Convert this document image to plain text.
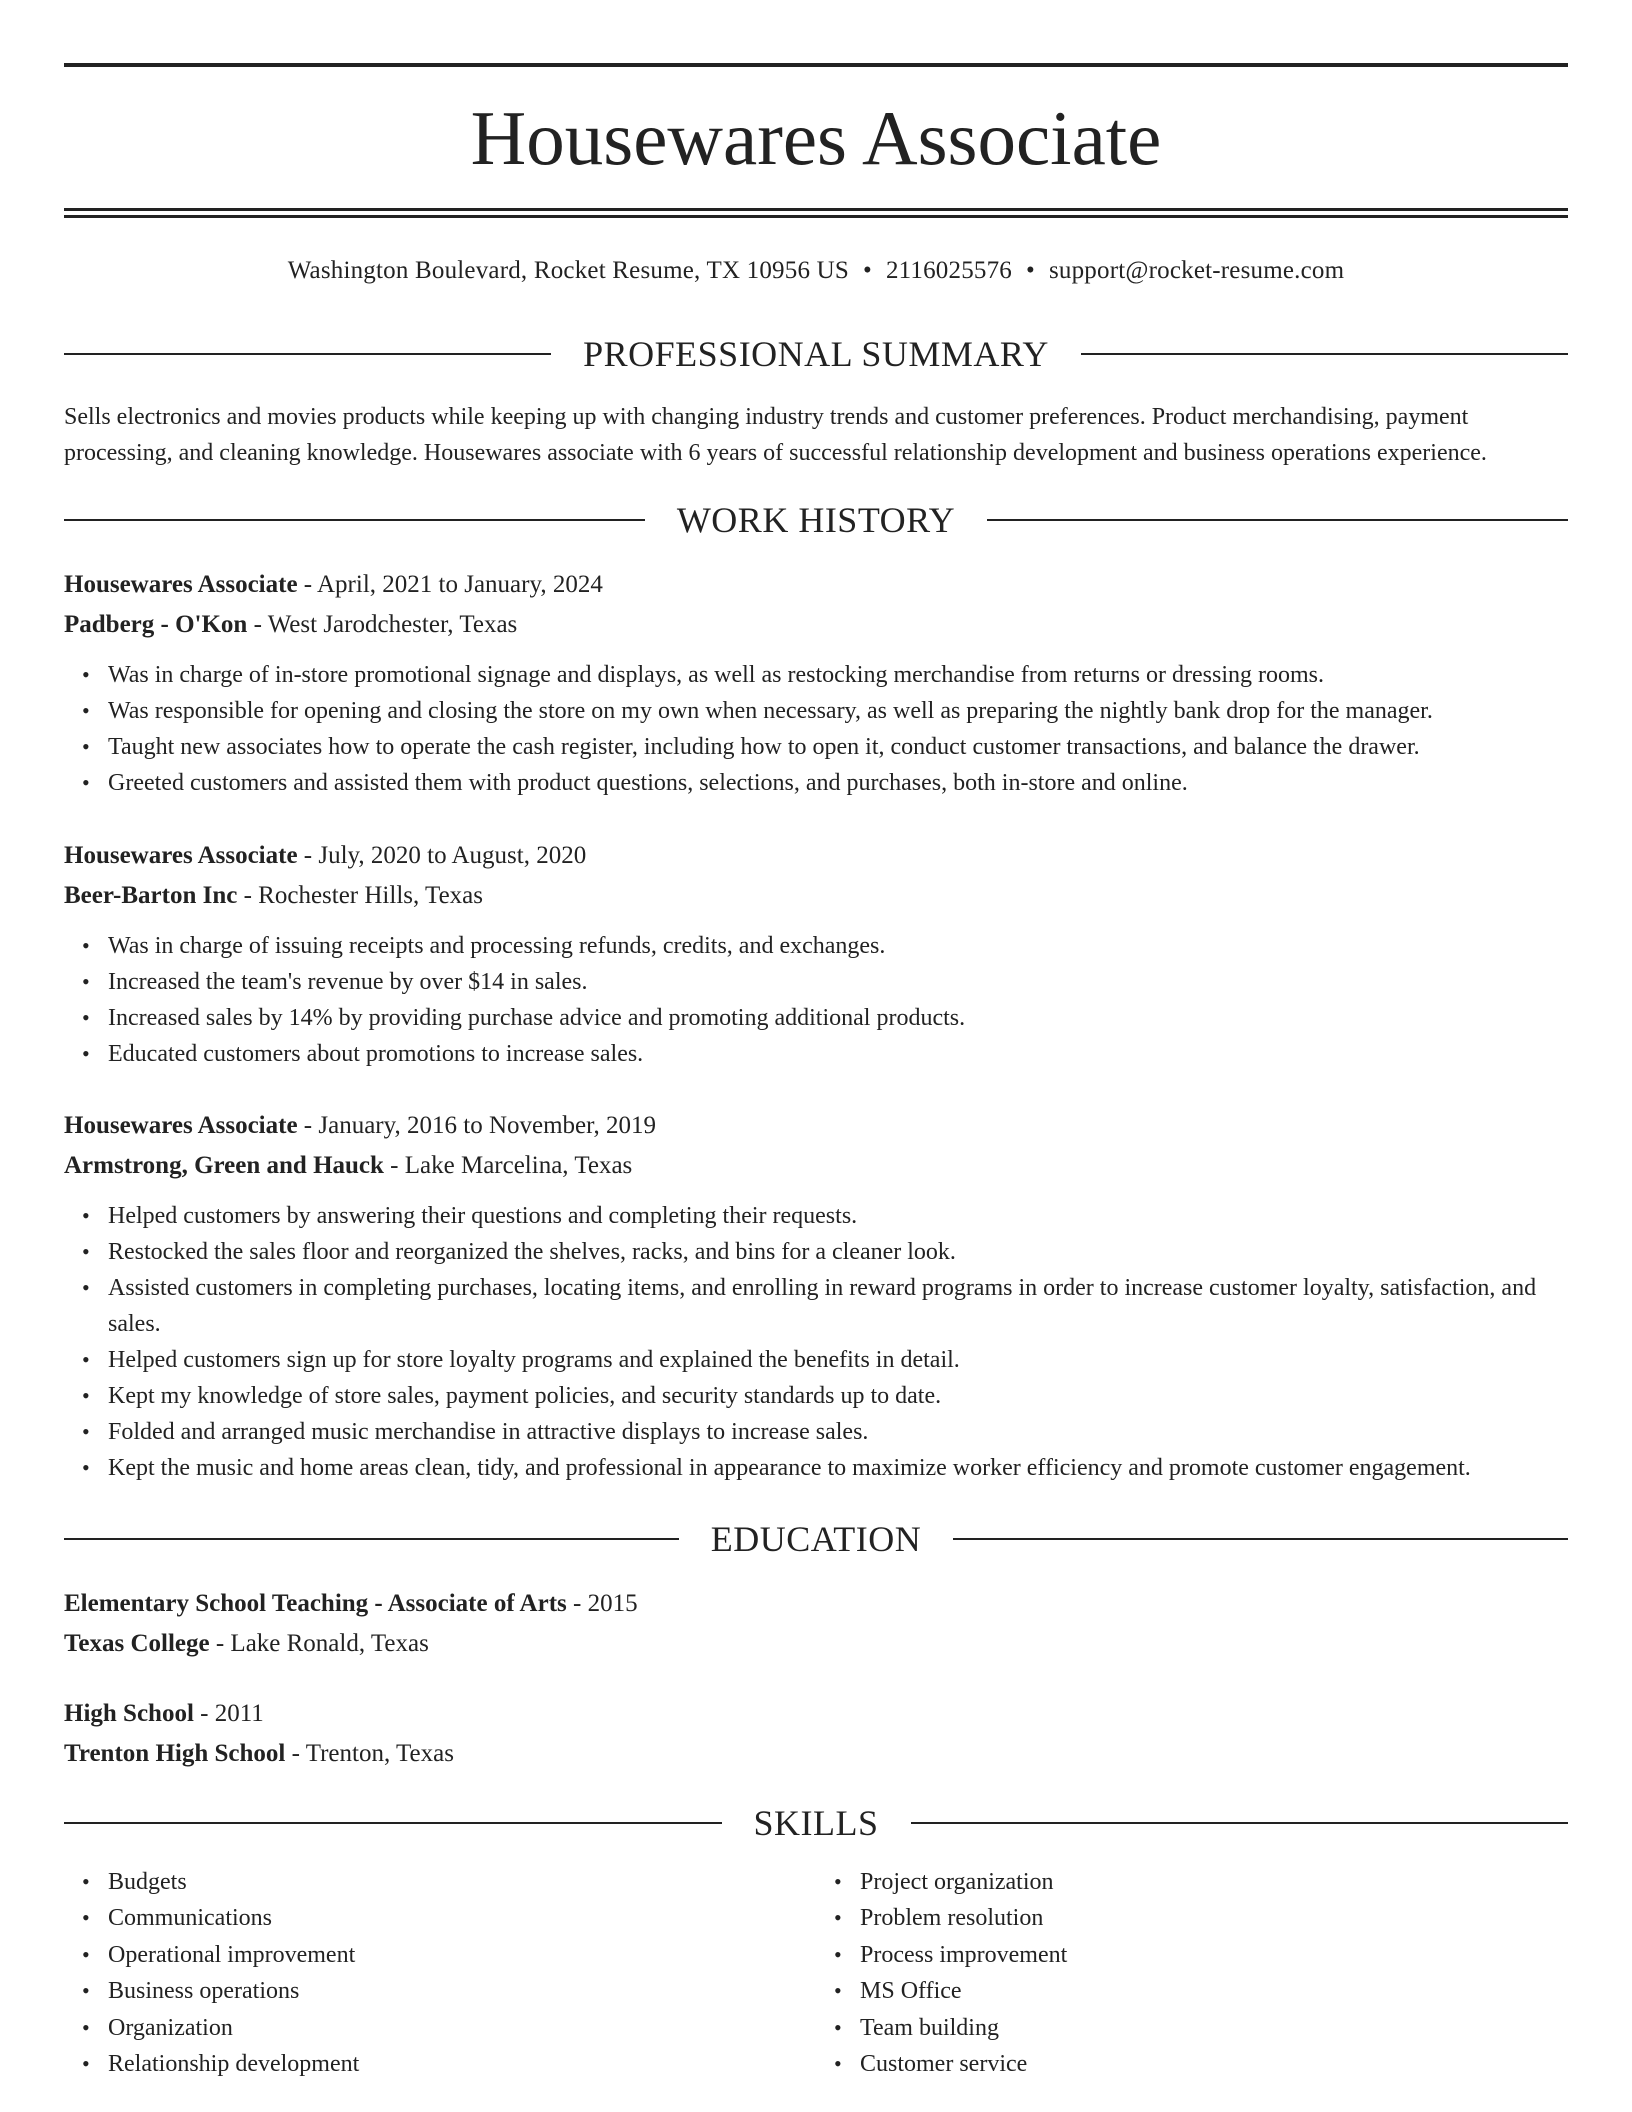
Housewares Associate
Washington Boulevard, Rocket Resume, TX 10956 US • 2116025576 • support@rocket-resume.com
PROFESSIONAL SUMMARY

Sells electronics and movies products while keeping up with changing industry trends and customer preferences. Product merchandising, payment processing, and cleaning knowledge. Housewares associate with 6 years of successful relationship development and business operations experience.

WORK HISTORY
Housewares Associate - April, 2021 to January, 2024
Padberg - O'Kon - West Jarodchester, Texas
• Was in charge of in-store promotional signage and displays, as well as restocking merchandise from returns or dressing rooms.
• Was responsible for opening and closing the store on my own when necessary, as well as preparing the nightly bank drop for the manager.
• Taught new associates how to operate the cash register, including how to open it, conduct customer transactions, and balance the drawer.
• Greeted customers and assisted them with product questions, selections, and purchases, both in-store and online.
Housewares Associate - July, 2020 to August, 2020
Beer-Barton Inc - Rochester Hills, Texas
• Was in charge of issuing receipts and processing refunds, credits, and exchanges.
• Increased the team's revenue by over $14 in sales.
• Increased sales by 14% by providing purchase advice and promoting additional products.
• Educated customers about promotions to increase sales.
Housewares Associate - January, 2016 to November, 2019
Armstrong, Green and Hauck - Lake Marcelina, Texas
• Helped customers by answering their questions and completing their requests.
• Restocked the sales floor and reorganized the shelves, racks, and bins for a cleaner look.
• Assisted customers in completing purchases, locating items, and enrolling in reward programs in order to increase customer loyalty, satisfaction, and sales.
• Helped customers sign up for store loyalty programs and explained the benefits in detail.
• Kept my knowledge of store sales, payment policies, and security standards up to date.
• Folded and arranged music merchandise in attractive displays to increase sales.
• Kept the music and home areas clean, tidy, and professional in appearance to maximize worker efficiency and promote customer engagement.
EDUCATION
Elementary School Teaching - Associate of Arts - 2015
Texas College - Lake Ronald, Texas
High School - 2011
Trenton High School - Trenton, Texas
SKILLS
• Budgets
• Communications
• Operational improvement
• Business operations
• Organization
• Relationship development
• Project organization
• Problem resolution
• Process improvement
• MS Office
• Team building
• Customer service
